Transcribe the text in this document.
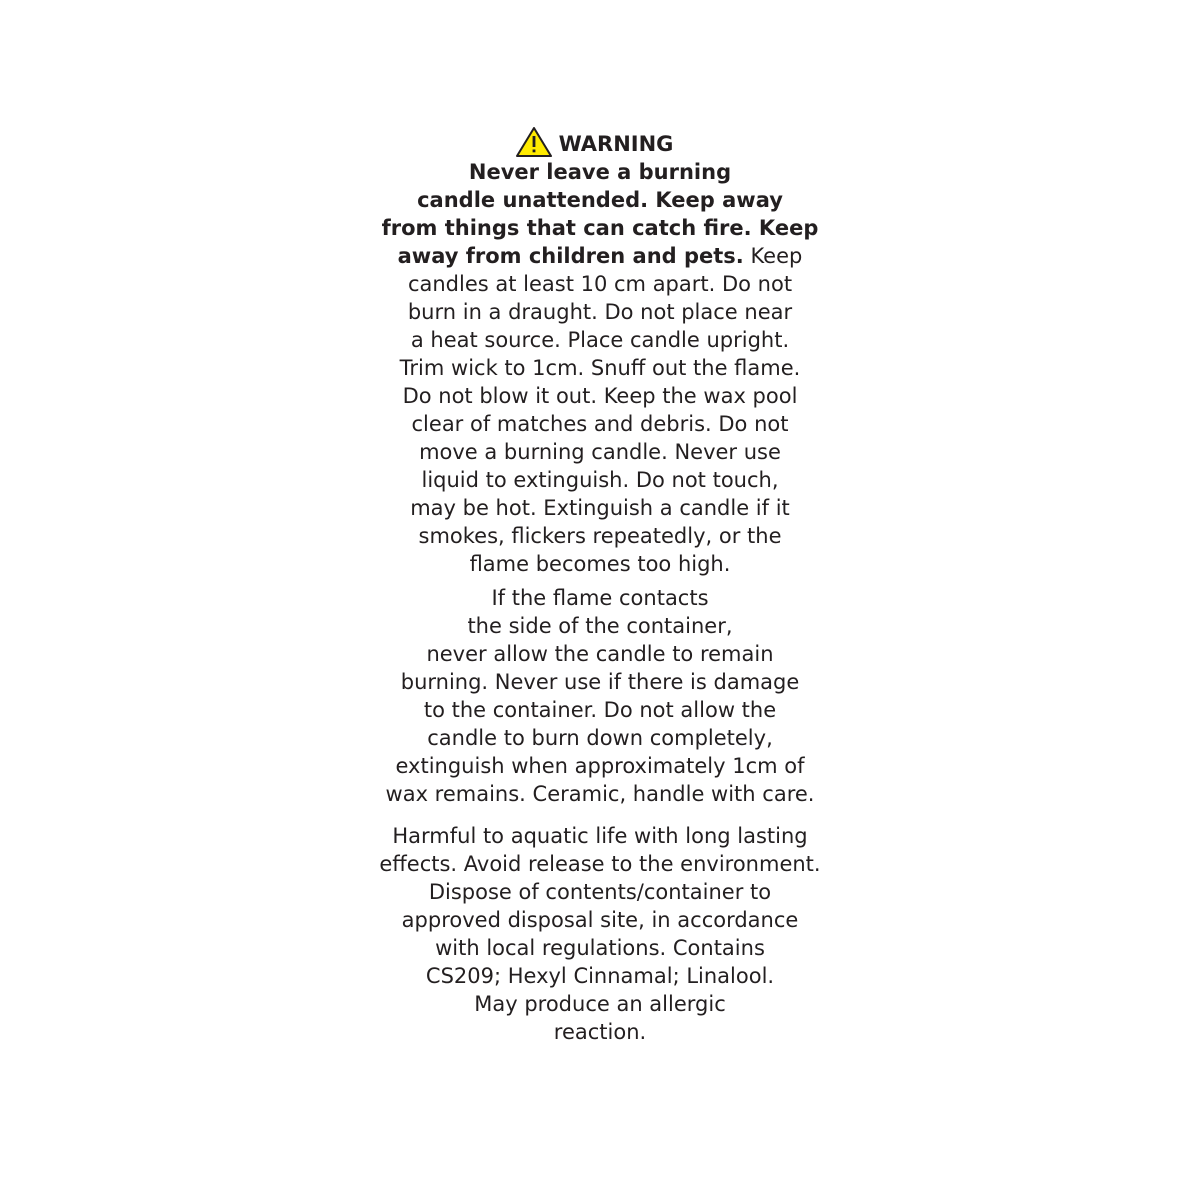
WARNING
Never leave a burning
candle unattended. Keep away
from things that can catch fire. Keep
away from children and pets. Keep
candles at least 10 cm apart. Do not
burn in a draught. Do not place near
a heat source. Place candle upright.
Trim wick to 1cm. Snuff out the flame.
Do not blow it out. Keep the wax pool
clear of matches and debris. Do not
move a burning candle. Never use
liquid to extinguish. Do not touch,
may be hot. Extinguish a candle if it
smokes, flickers repeatedly, or the
flame becomes too high.
If the flame contacts
the side of the container,
never allow the candle to remain
burning. Never use if there is damage
to the container. Do not allow the
candle to burn down completely,
extinguish when approximately 1cm of
wax remains. Ceramic, handle with care.
Harmful to aquatic life with long lasting
effects. Avoid release to the environment.
Dispose of contents/container to
approved disposal site, in accordance
with local regulations. Contains
CS209; Hexyl Cinnamal; Linalool.
May produce an allergic
reaction.
